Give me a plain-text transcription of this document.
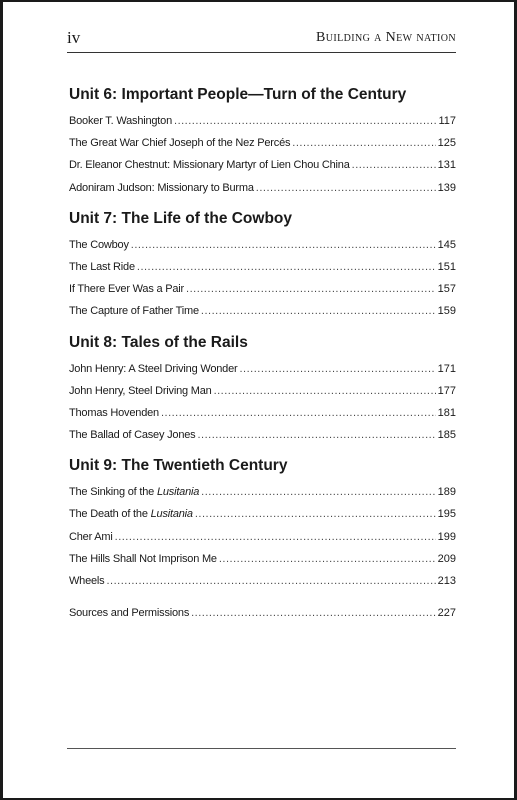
iv	Building a New nation
Unit 6: Important People—Turn of the Century
Booker T. Washington .....	117
The Great War Chief Joseph of the Nez Percés .....	125
Dr. Eleanor Chestnut: Missionary Martyr of Lien Chou China .....	131
Adoniram Judson: Missionary to Burma .....	139
Unit 7: The Life of the Cowboy
The Cowboy .....	145
The Last Ride .....	151
If There Ever Was a Pair .....	157
The Capture of Father Time .....	159
Unit 8: Tales of the Rails
John Henry: A Steel Driving Wonder .....	171
John Henry, Steel Driving Man .....	177
Thomas Hovenden .....	181
The Ballad of Casey Jones .....	185
Unit 9: The Twentieth Century
The Sinking of the Lusitania .....	189
The Death of the Lusitania .....	195
Cher Ami .....	199
The Hills Shall Not Imprison Me .....	209
Wheels .....	213
Sources and Permissions .....	227
